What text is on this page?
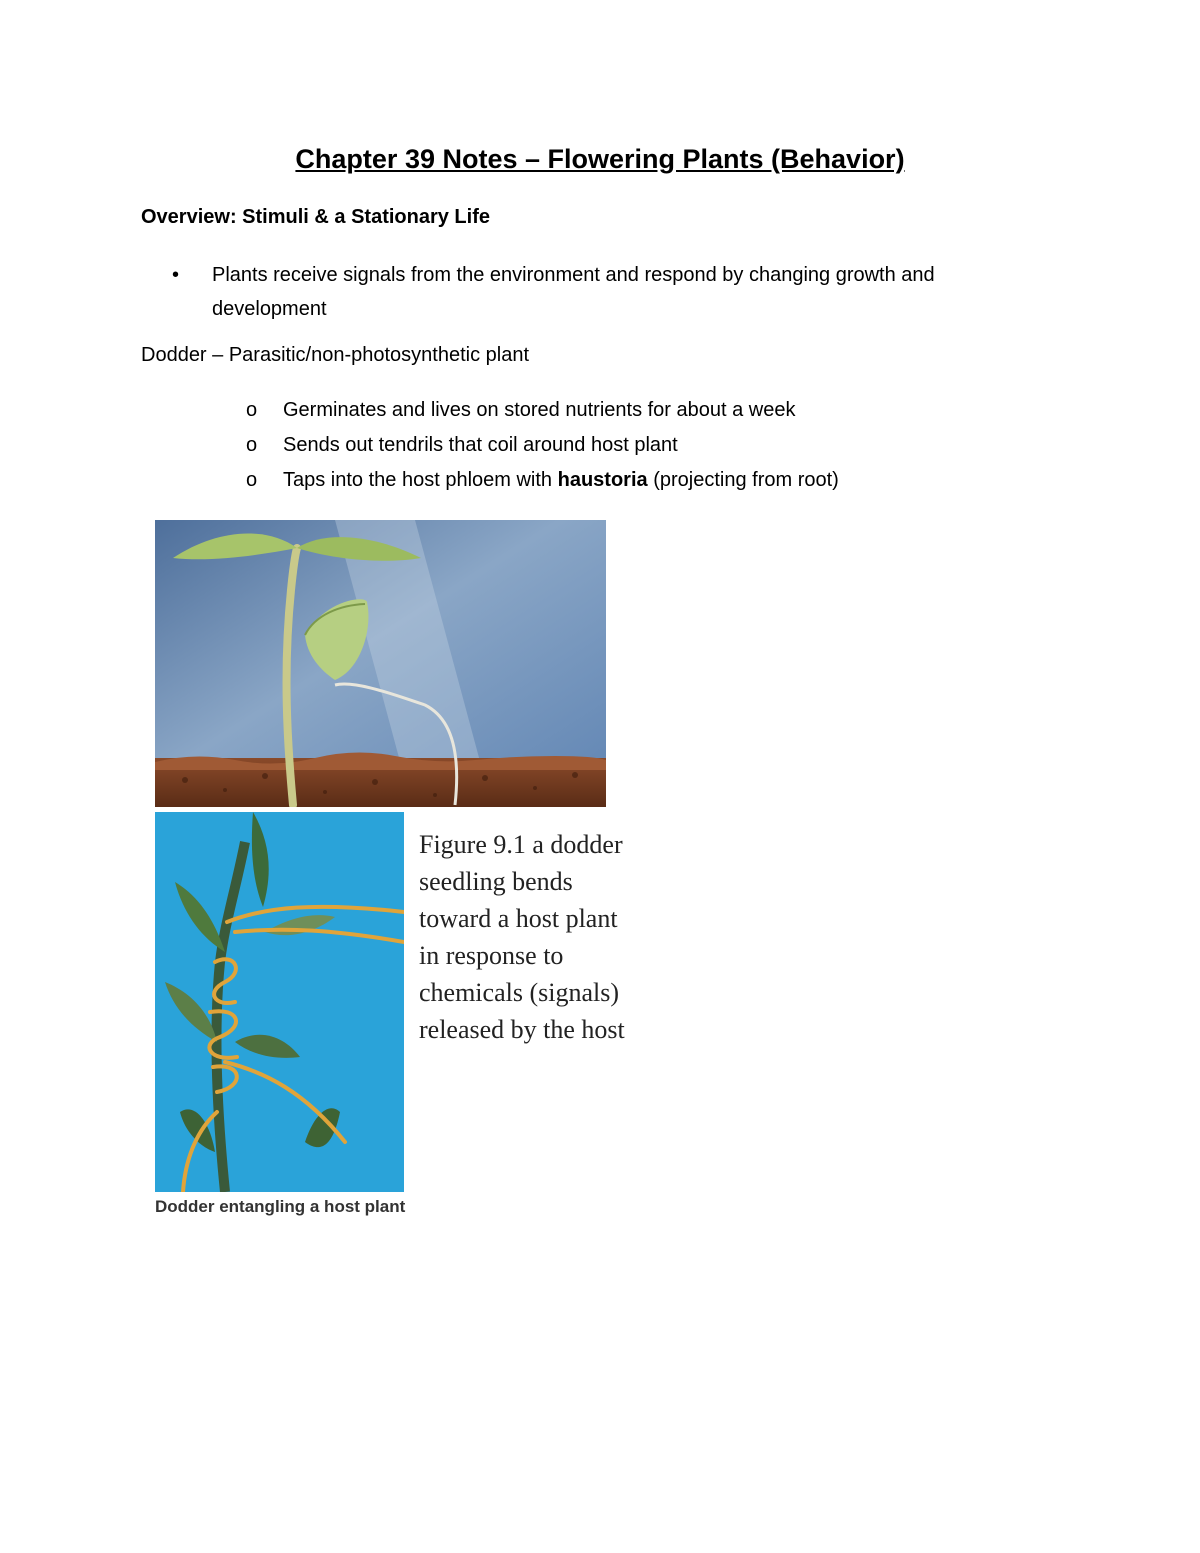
Chapter 39 Notes – Flowering Plants (Behavior)
Overview: Stimuli & a Stationary Life
• Plants receive signals from the environment and respond by changing growth and development
Dodder – Parasitic/non-photosynthetic plant
o Germinates and lives on stored nutrients for about a week
o Sends out tendrils that coil around host plant
o Taps into the host phloem with haustoria (projecting from root)
Figure 9.1 a dodder seedling bends toward a host plant in response to chemicals (signals) released by the host
Dodder entangling a host plant
